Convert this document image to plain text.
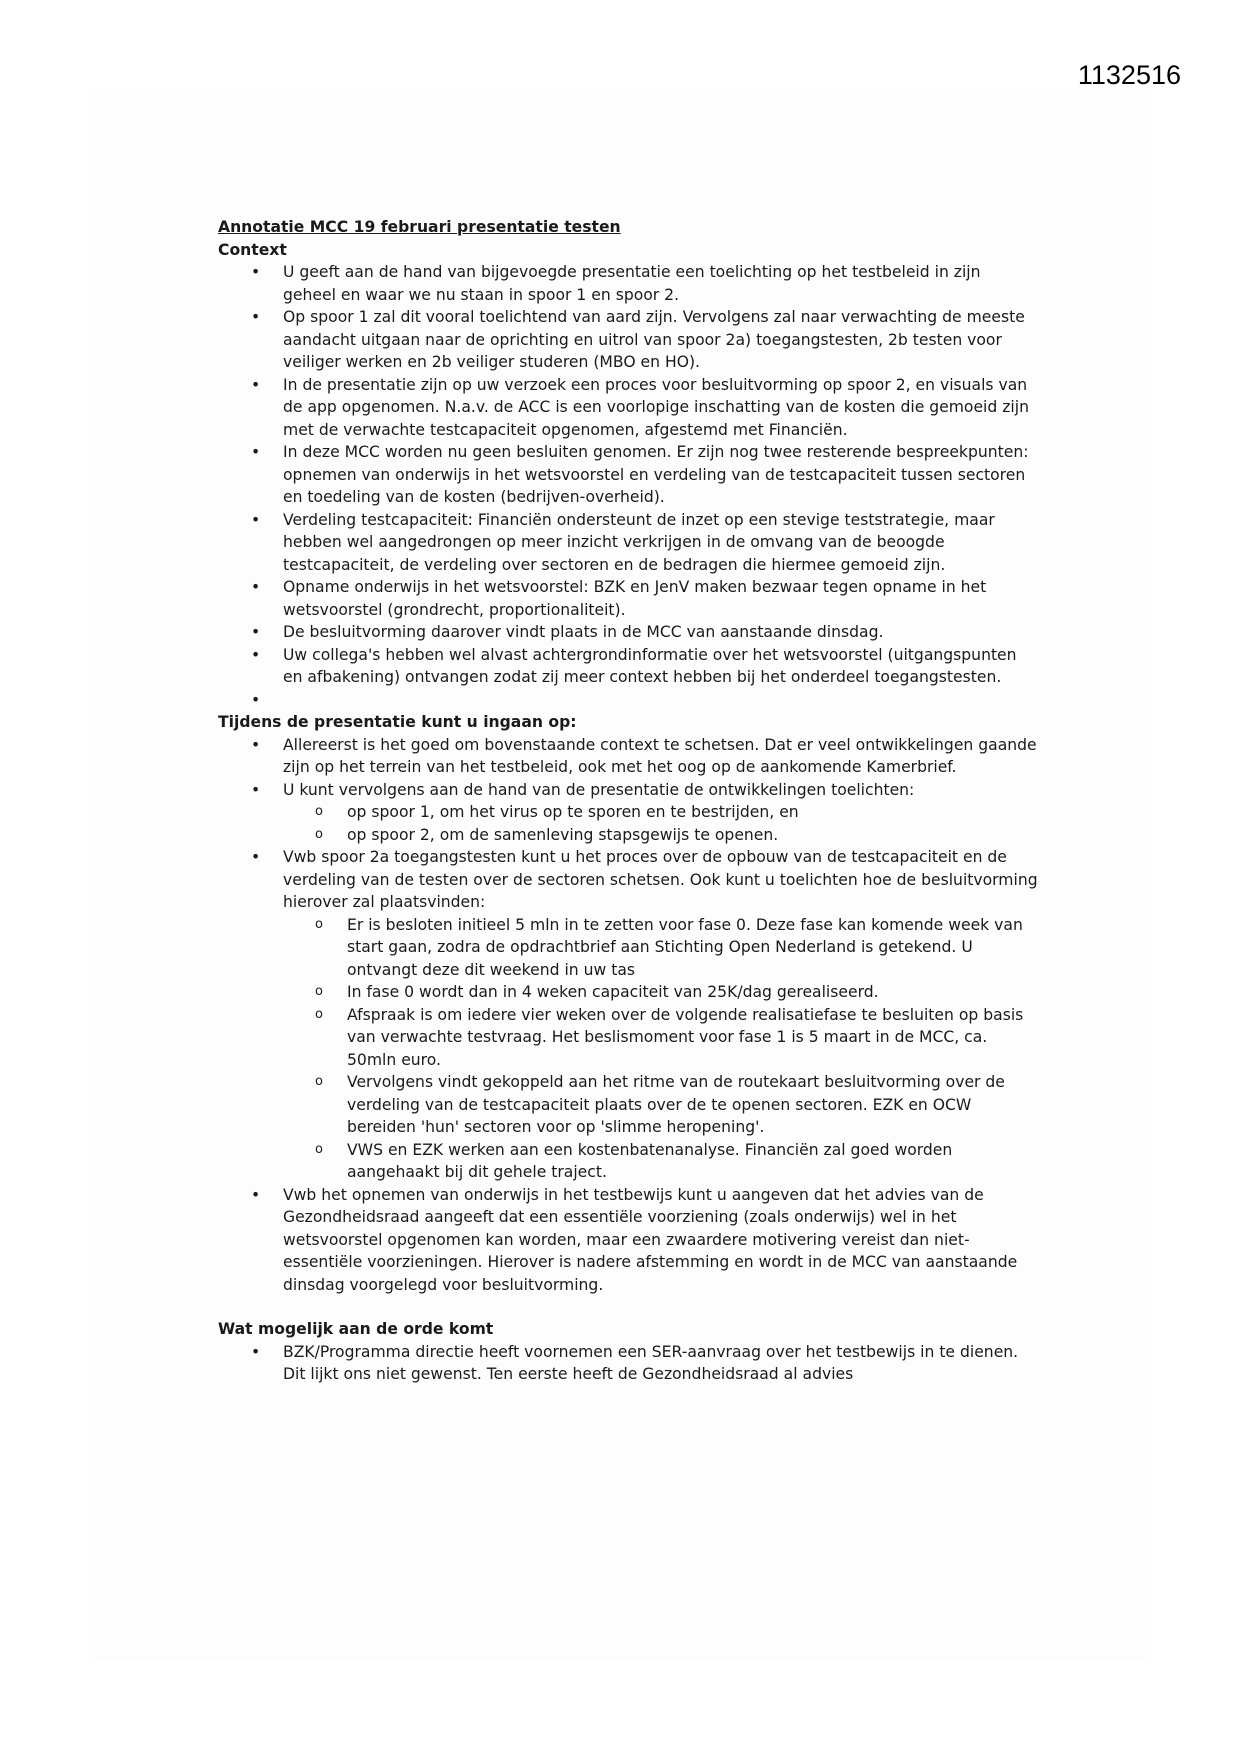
1132516

Annotatie MCC 19 februari presentatie testen

Context

• U geeft aan de hand van bijgevoegde presentatie een toelichting op het testbeleid in zijn geheel en waar we nu staan in spoor 1 en spoor 2.
• Op spoor 1 zal dit vooral toelichtend van aard zijn. Vervolgens zal naar verwachting de meeste aandacht uitgaan naar de oprichting en uitrol van spoor 2a) toegangstesten, 2b testen voor veiliger werken en 2b veiliger studeren (MBO en HO).
• In de presentatie zijn op uw verzoek een proces voor besluitvorming op spoor 2, en visuals van de app opgenomen. N.a.v. de ACC is een voorlopige inschatting van de kosten die gemoeid zijn met de verwachte testcapaciteit opgenomen, afgestemd met Financiën.
• In deze MCC worden nu geen besluiten genomen. Er zijn nog twee resterende bespreekpunten: opnemen van onderwijs in het wetsvoorstel en verdeling van de testcapaciteit tussen sectoren en toedeling van de kosten (bedrijven-overheid).
• Verdeling testcapaciteit: Financiën ondersteunt de inzet op een stevige teststrategie, maar hebben wel aangedrongen op meer inzicht verkrijgen in de omvang van de beoogde testcapaciteit, de verdeling over sectoren en de bedragen die hiermee gemoeid zijn.
• Opname onderwijs in het wetsvoorstel: BZK en JenV maken bezwaar tegen opname in het wetsvoorstel (grondrecht, proportionaliteit).
• De besluitvorming daarover vindt plaats in de MCC van aanstaande dinsdag.
• Uw collega's hebben wel alvast achtergrondinformatie over het wetsvoorstel (uitgangspunten en afbakening) ontvangen zodat zij meer context hebben bij het onderdeel toegangstesten.
•

Tijdens de presentatie kunt u ingaan op:

• Allereerst is het goed om bovenstaande context te schetsen. Dat er veel ontwikkelingen gaande zijn op het terrein van het testbeleid, ook met het oog op de aankomende Kamerbrief.
• U kunt vervolgens aan de hand van de presentatie de ontwikkelingen toelichten:
o op spoor 1, om het virus op te sporen en te bestrijden, en
o op spoor 2, om de samenleving stapsgewijs te openen.
• Vwb spoor 2a toegangstesten kunt u het proces over de opbouw van de testcapaciteit en de verdeling van de testen over de sectoren schetsen. Ook kunt u toelichten hoe de besluitvorming hierover zal plaatsvinden:
o Er is besloten initieel 5 mln in te zetten voor fase 0. Deze fase kan komende week van start gaan, zodra de opdrachtbrief aan Stichting Open Nederland is getekend. U ontvangt deze dit weekend in uw tas
o In fase 0 wordt dan in 4 weken capaciteit van 25K/dag gerealiseerd.
o Afspraak is om iedere vier weken over de volgende realisatiefase te besluiten op basis van verwachte testvraag. Het beslismoment voor fase 1 is 5 maart in de MCC, ca. 50mln euro.
o Vervolgens vindt gekoppeld aan het ritme van de routekaart besluitvorming over de verdeling van de testcapaciteit plaats over de te openen sectoren. EZK en OCW bereiden 'hun' sectoren voor op 'slimme heropening'.
o VWS en EZK werken aan een kostenbatenanalyse. Financiën zal goed worden aangehaakt bij dit gehele traject.
• Vwb het opnemen van onderwijs in het testbewijs kunt u aangeven dat het advies van de Gezondheidsraad aangeeft dat een essentiële voorziening (zoals onderwijs) wel in het wetsvoorstel opgenomen kan worden, maar een zwaardere motivering vereist dan niet-essentiële voorzieningen. Hierover is nadere afstemming en wordt in de MCC van aanstaande dinsdag voorgelegd voor besluitvorming.

Wat mogelijk aan de orde komt

• BZK/Programma directie heeft voornemen een SER-aanvraag over het testbewijs in te dienen. Dit lijkt ons niet gewenst. Ten eerste heeft de Gezondheidsraad al advies
